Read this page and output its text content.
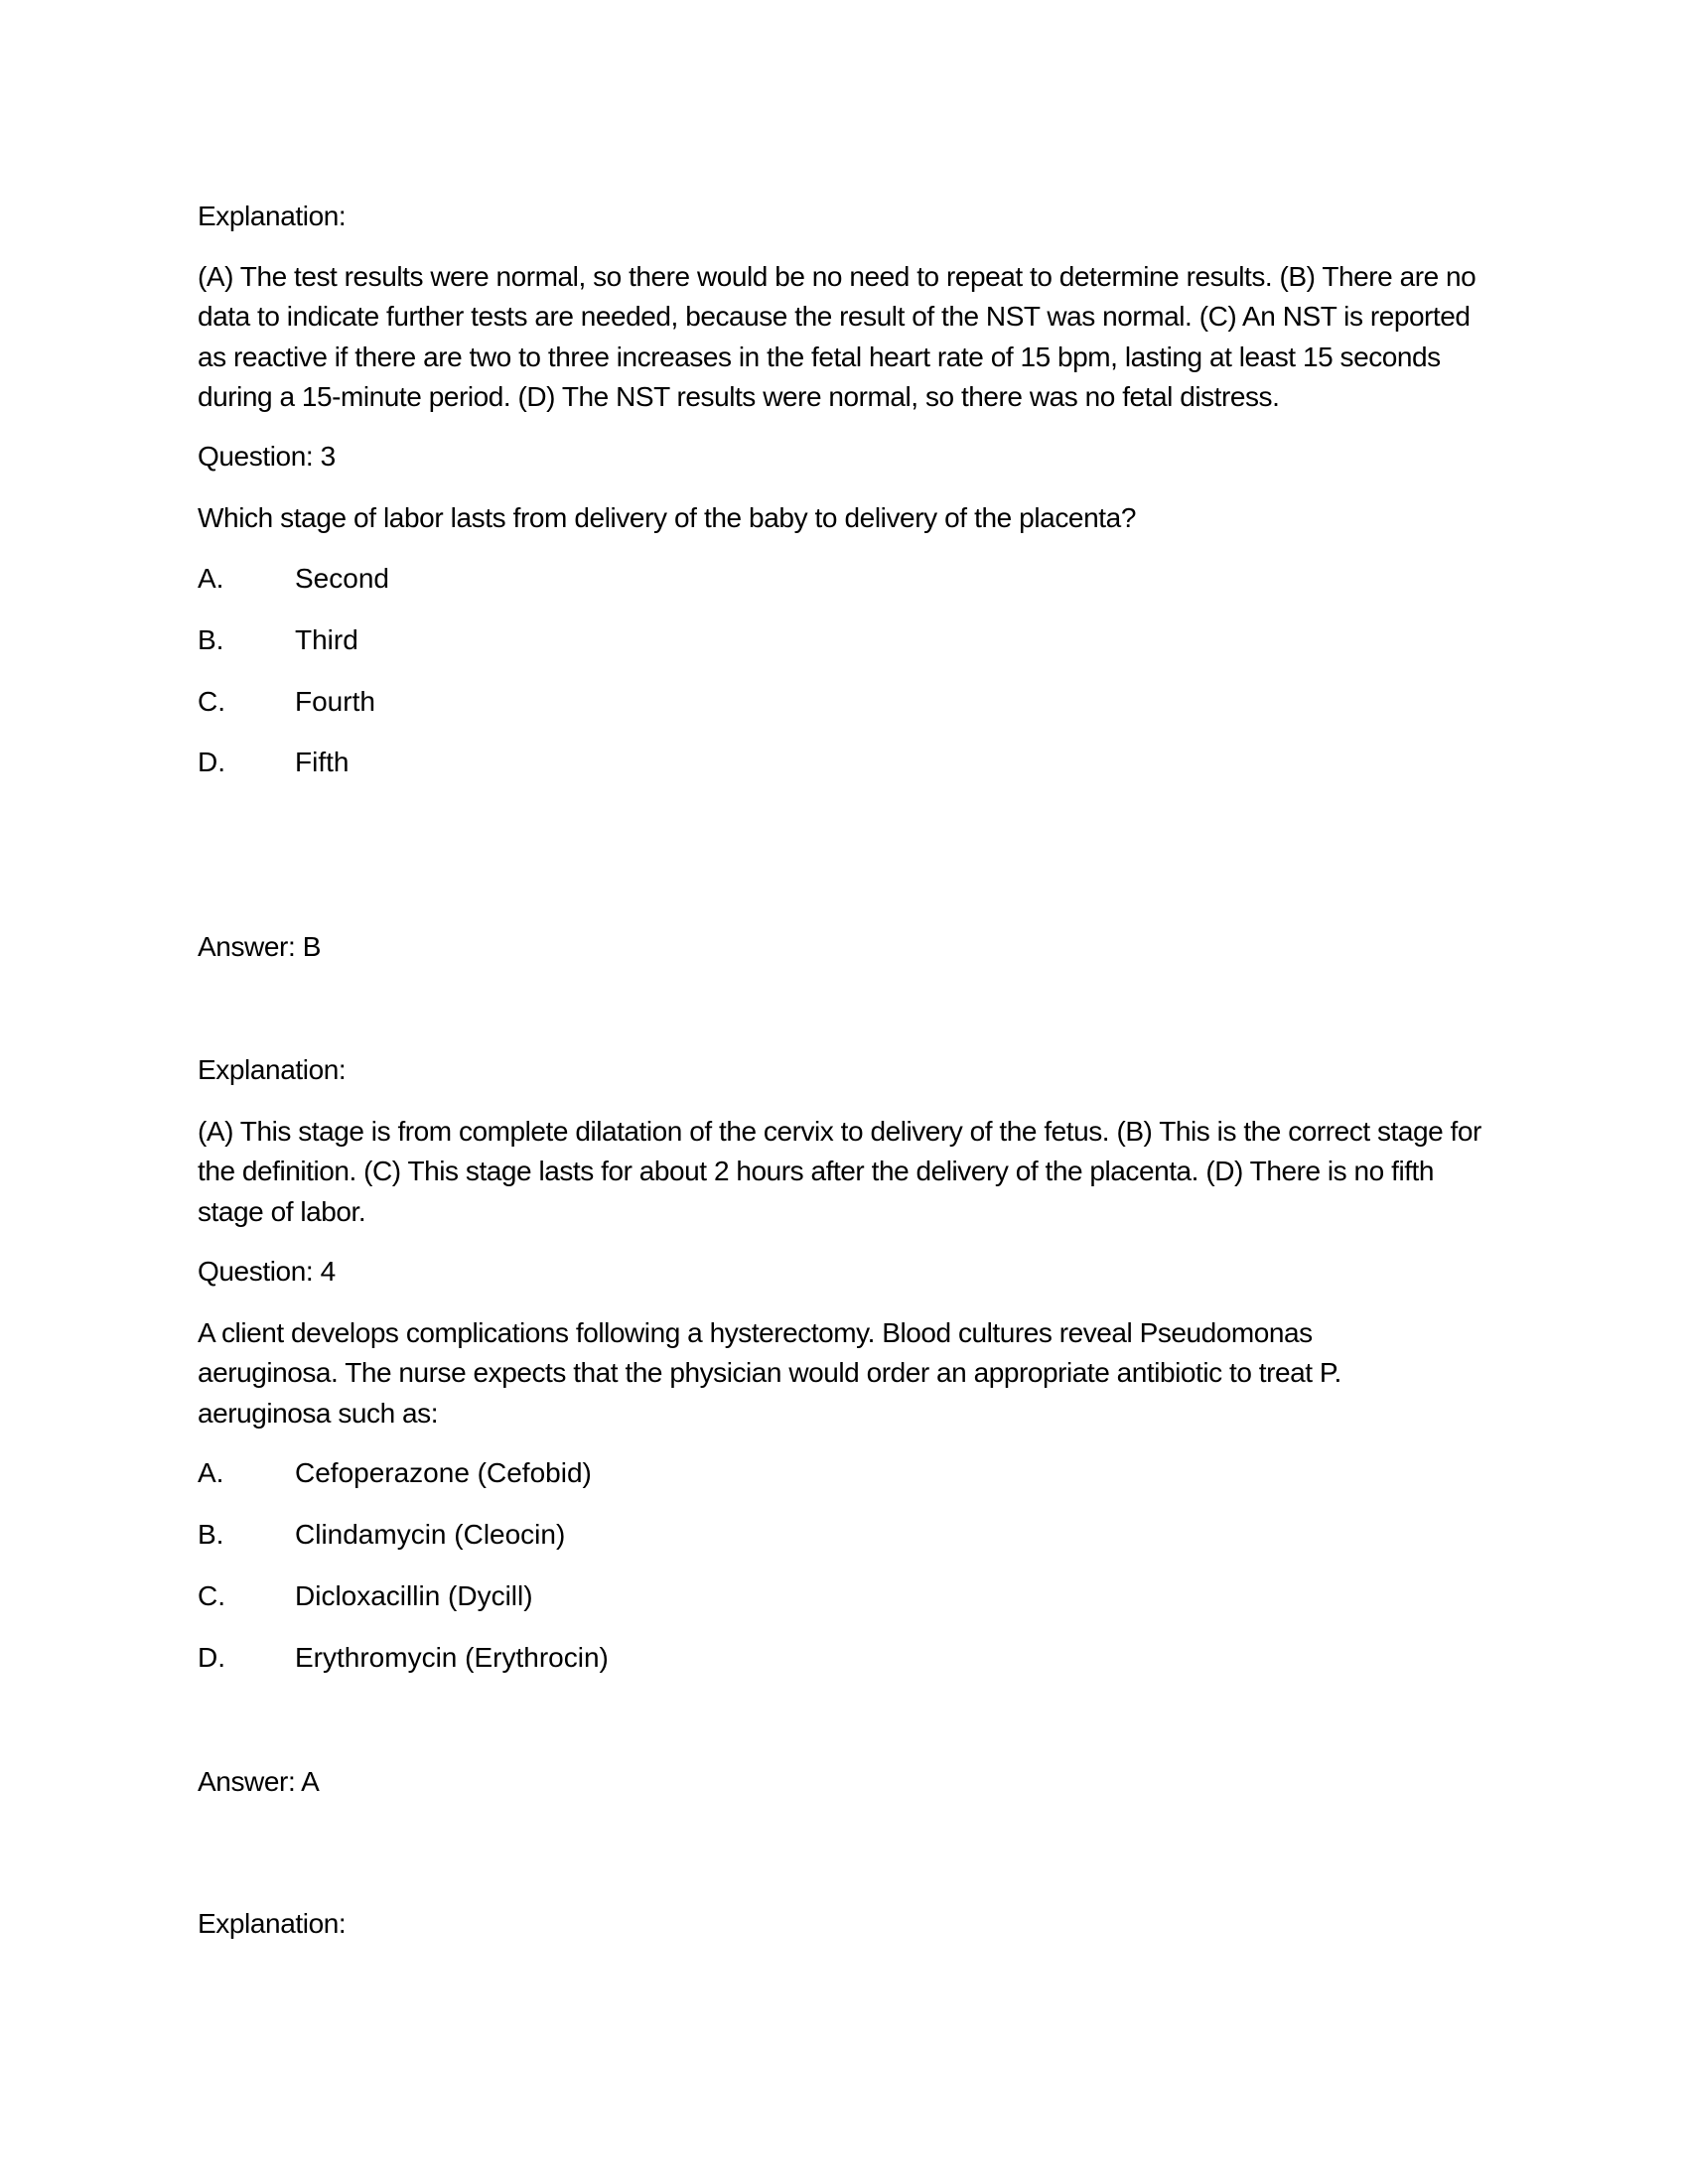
Explanation:
(A) The test results were normal, so there would be no need to repeat to determine results. (B) There are no data to indicate further tests are needed, because the result of the NST was normal. (C) An NST is reported as reactive if there are two to three increases in the fetal heart rate of 15 bpm, lasting at least 15 seconds during a 15-minute period. (D) The NST results were normal, so there was no fetal distress.
Question: 3
Which stage of labor lasts from delivery of the baby to delivery of the placenta?
A.	Second
B.	Third
C.	Fourth
D.	Fifth
Answer: B
Explanation:
(A) This stage is from complete dilatation of the cervix to delivery of the fetus. (B) This is the correct stage for the definition. (C) This stage lasts for about 2 hours after the delivery of the placenta. (D) There is no fifth stage of labor.
Question: 4
A client develops complications following a hysterectomy. Blood cultures reveal Pseudomonas aeruginosa. The nurse expects that the physician would order an appropriate antibiotic to treat P. aeruginosa such as:
A.	Cefoperazone (Cefobid)
B.	Clindamycin (Cleocin)
C.	Dicloxacillin (Dycill)
D.	Erythromycin (Erythrocin)
Answer: A
Explanation:
